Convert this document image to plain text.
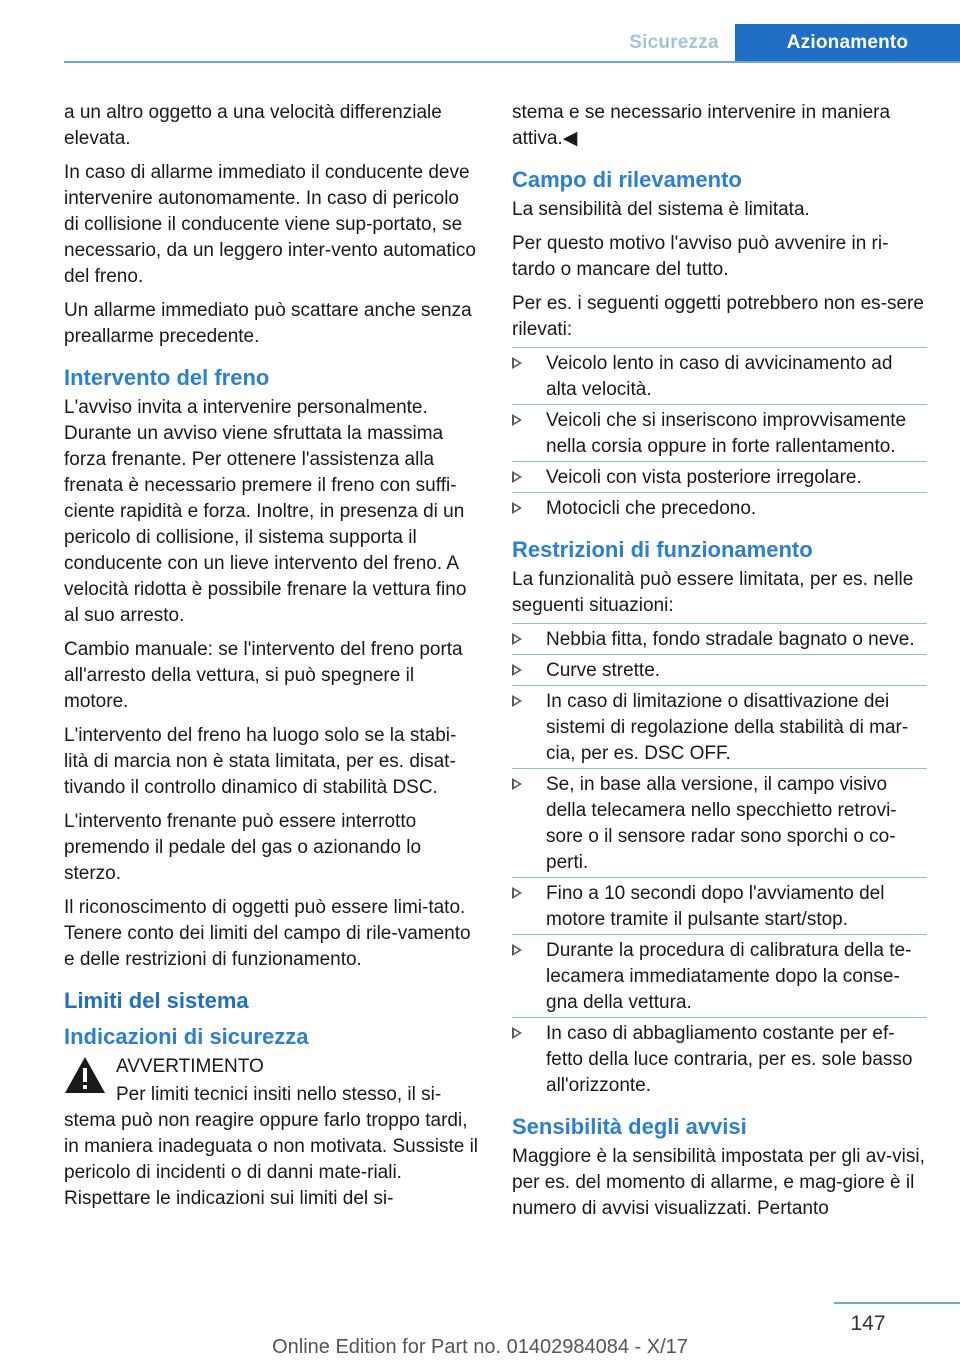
Sicurezza	Azionamento

a un altro oggetto a una velocità differenziale elevata.

In caso di allarme immediato il conducente deve intervenire autonomamente. In caso di pericolo di collisione il conducente viene sup-portato, se necessario, da un leggero inter-vento automatico del freno.

Un allarme immediato può scattare anche senza preallarme precedente.

Intervento del freno

L'avviso invita a intervenire personalmente. Durante un avviso viene sfruttata la massima forza frenante. Per ottenere l'assistenza alla frenata è necessario premere il freno con suffi-ciente rapidità e forza. Inoltre, in presenza di un pericolo di collisione, il sistema supporta il conducente con un lieve intervento del freno. A velocità ridotta è possibile frenare la vettura fino al suo arresto.

Cambio manuale: se l'intervento del freno porta all'arresto della vettura, si può spegnere il motore.

L'intervento del freno ha luogo solo se la stabi-lità di marcia non è stata limitata, per es. disat-tivando il controllo dinamico di stabilità DSC.

L'intervento frenante può essere interrotto premendo il pedale del gas o azionando lo sterzo.

Il riconoscimento di oggetti può essere limi-tato. Tenere conto dei limiti del campo di rile-vamento e delle restrizioni di funzionamento.

Limiti del sistema
Indicazioni di sicurezza
AVVERTIMENTO

Per limiti tecnici insiti nello stesso, il si-stema può non reagire oppure farlo troppo tardi, in maniera inadeguata o non motivata. Sussiste il pericolo di incidenti o di danni mate-riali. Rispettare le indicazioni sui limiti del si-

stema e se necessario intervenire in maniera attiva.◀

Campo di rilevamento

La sensibilità del sistema è limitata.

Per questo motivo l'avviso può avvenire in ri-tardo o mancare del tutto.

Per es. i seguenti oggetti potrebbero non es-sere rilevati:

Veicolo lento in caso di avvicinamento ad alta velocità.
Veicoli che si inseriscono improvvisamente nella corsia oppure in forte rallentamento.
Veicoli con vista posteriore irregolare.
Motocicli che precedono.
Restrizioni di funzionamento

La funzionalità può essere limitata, per es. nelle seguenti situazioni:

Nebbia fitta, fondo stradale bagnato o neve.
Curve strette.
In caso di limitazione o disattivazione dei sistemi di regolazione della stabilità di mar-cia, per es. DSC OFF.
Se, in base alla versione, il campo visivo della telecamera nello specchietto retrovi-sore o il sensore radar sono sporchi o co-perti.
Fino a 10 secondi dopo l'avviamento del motore tramite il pulsante start/stop.
Durante la procedura di calibratura della te-lecamera immediatamente dopo la conse-gna della vettura.
In caso di abbagliamento costante per ef-fetto della luce contraria, per es. sole basso all'orizzonte.
Sensibilità degli avvisi

Maggiore è la sensibilità impostata per gli av-visi, per es. del momento di allarme, e mag-giore è il numero di avvisi visualizzati. Pertanto

147
Online Edition for Part no. 01402984084 - X/17
